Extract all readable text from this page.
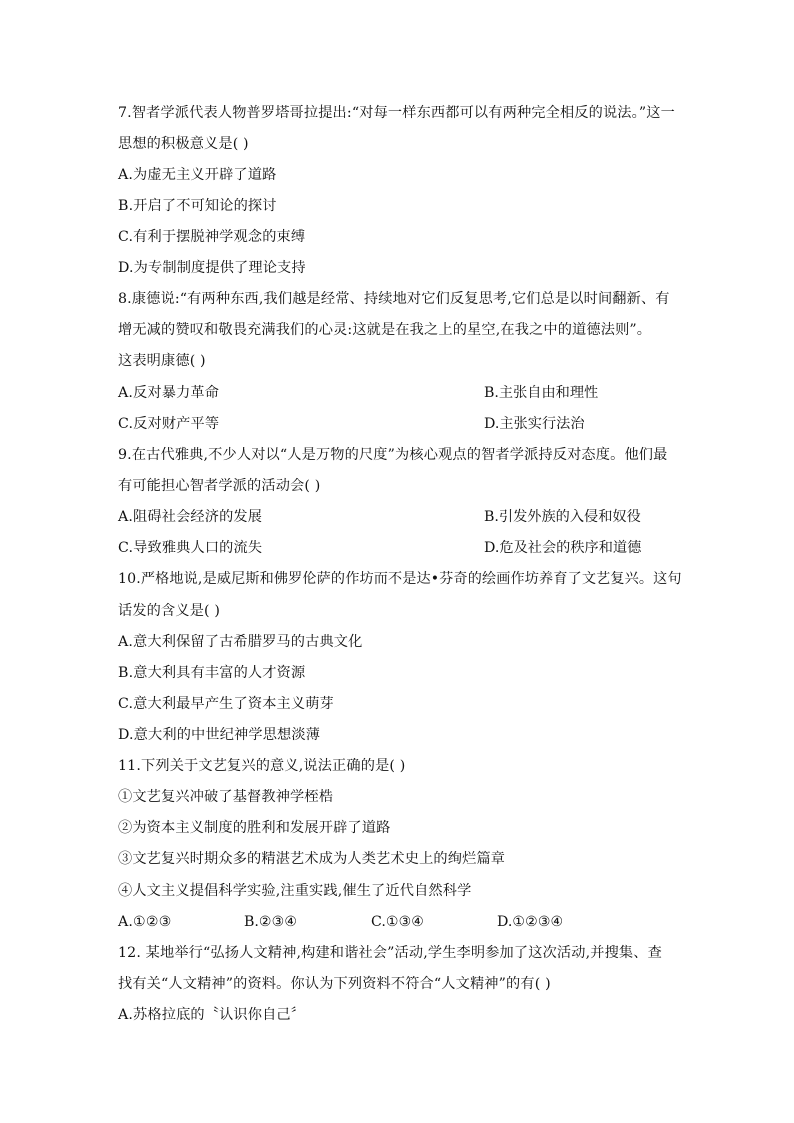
7.智者学派代表人物普罗塔哥拉提出:“对每一样东西都可以有两种完全相反的说法。”这一
思想的积极意义是( )
A.为虚无主义开辟了道路
B.开启了不可知论的探讨
C.有利于摆脱神学观念的束缚
D.为专制制度提供了理论支持
8.康德说:“有两种东西,我们越是经常、持续地对它们反复思考,它们总是以时间翻新、有
增无减的赞叹和敬畏充满我们的心灵:这就是在我之上的星空,在我之中的道德法则”。
这表明康德( )
A.反对暴力革命	B.主张自由和理性
C.反对财产平等	D.主张实行法治
9.在古代雅典,不少人对以“人是万物的尺度”为核心观点的智者学派持反对态度。他们最
有可能担心智者学派的活动会( )
A.阻碍社会经济的发展	B.引发外族的入侵和奴役
C.导致雅典人口的流失	D.危及社会的秩序和道德
10.严格地说,是威尼斯和佛罗伦萨的作坊而不是达•芬奇的绘画作坊养育了文艺复兴。这句
话发的含义是( )
A.意大利保留了古希腊罗马的古典文化
B.意大利具有丰富的人才资源
C.意大利最早产生了资本主义萌芽
D.意大利的中世纪神学思想淡薄
11.下列关于文艺复兴的意义,说法正确的是( )
①文艺复兴冲破了基督教神学桎梏
②为资本主义制度的胜利和发展开辟了道路
③文艺复兴时期众多的精湛艺术成为人类艺术史上的绚烂篇章
④人文主义提倡科学实验,注重实践,催生了近代自然科学
A.①②③	B.②③④	C.①③④	D.①②③④
12. 某地举行“弘扬人文精神,构建和谐社会”活动,学生李明参加了这次活动,并搜集、查
找有关“人文精神”的资料。你认为下列资料不符合“人文精神”的有( )
A.苏格拉底的〝认识你自己〞
